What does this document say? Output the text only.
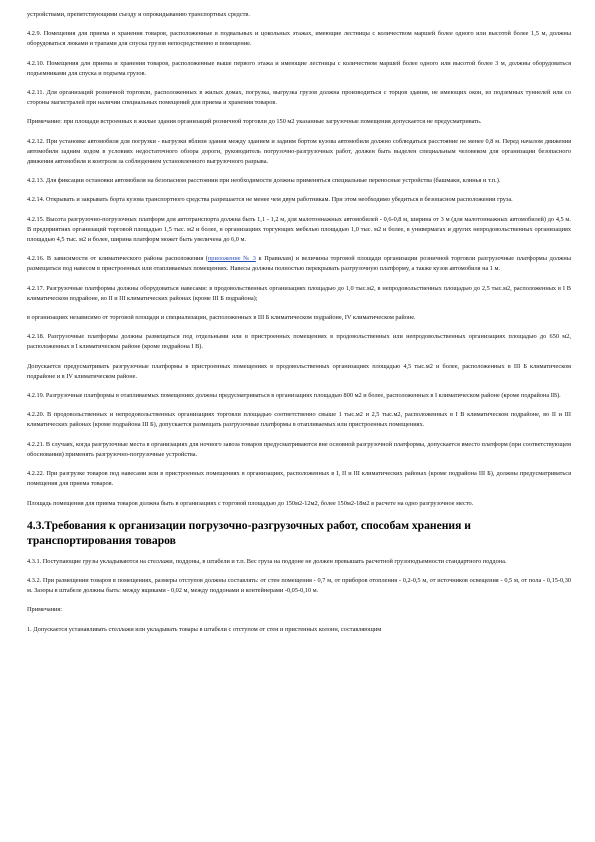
устройствами, препятствующими съезду и опрокидыванию транспортных средств.

4.2.9. Помещения для приема и хранения товаров, расположенные в подвальных и цокольных этажах, имеющие лестницы с количеством маршей более одного или высотой более 1,5 м, должны оборудоваться люками и трапами для спуска грузов непосредственно в помещение.

4.2.10. Помещения для приема и хранения товаров, расположенные выше первого этажа и имеющие лестницы с количеством маршей более одного или высотой более 3 м, должны оборудоваться подъемниками для спуска и подъема грузов.

4.2.11. Для организаций розничной торговли, расположенных в жилых домах, погрузка, выгрузка грузов должна производиться с торцов здания, не имеющих окон, из подземных туннелей или со стороны магистралей при наличии специальных помещений для приема и хранения товаров.

Примечание: при площади встроенных в жилые здания организаций розничной торговли до 150 м2 указанные загрузочные помещения допускается не предусматривать.

4.2.12. При установке автомобиля для погрузки - выгрузки вблизи здания между зданием и задним бортом кузова автомобиля должно соблюдаться расстояние не менее 0,8 м. Перед началом движения автомобиля задним ходом в условиях недостаточного обзора дороги, руководитель погрузочно-разгрузочных работ, должен быть выделен специальным человеком для организации безопасного движения автомобиля и контроля за соблюдением установленного выгрузочного разрыва.

4.2.13. Для фиксации остановки автомобиля на безопасном расстоянии при необходимости должны применяться специальные переносные устройства (башмаки, клинья и т.п.).

4.2.14. Открывать и закрывать борта кузова транспортного средства разрешается не менее чем двум работникам. При этом необходимо убедиться в безопасном расположении груза.

4.2.15. Высота разгрузочно-погрузочных платформ для автотранспорта должна быть 1,1 - 1,2 м, для малотоннажных автомобилей - 0,6-0,8 м, ширина от 3 м (для малотоннажных автомобилей) до 4,5 м. В предприятиях организаций торговой площадью 1,5 тыс. м2 и более, в организациях торгующих мебелью площадью 1,0 тыс. м2 и более, в универмагах и других непродовольственных организациях площадью 4,5 тыс. м2 и более, ширина платформ может быть увеличена до 6,0 м.

4.2.16. В зависимости от климатического района расположения (приложение № 3 к Правилам) и величины торговой площади организации розничной торговли разгрузочные платформы должны размещаться под навесом в пристроенных или отапливаемых помещениях. Навесы должны полностью перекрывать разгрузочную платформу, а также кузов автомобиля на 1 м.

4.2.17. Разгрузочные платформы должны оборудоваться навесами: в продовольственных организациях площадью до 1,0 тыс.м2, в непродовольственных площадью до 2,5 тыс.м2, расположенных в I В климатическом подрайоне, во II и III климатических районах (кроме III Б подрайона);

в организациях независимо от торговой площади и специализации, расположенных в III Б климатическом подрайоне, IV климатическом районе.

4.2.18. Разгрузочные платформы должны размещаться под отдельными или в пристроенных помещениях в продовольственных или непродовольственных организациях площадью до 650 м2, расположенных в I климатическом районе (кроме подрайона I В).

Допускается предусматривать разгрузочные платформы в пристроенных помещениях в продовольственных организациях площадью 4,5 тыс.м2 и более, расположенных в III Б климатическом подрайоне и в IV климатическом районе.

4.2.19. Разгрузочные платформы в отапливаемых помещениях должны предусматриваться в организациях площадью 800 м2 и более, расположенных в I климатическом районе (кроме подрайона IВ).

4.2.20. В продовольственных и непродовольственных организациях торговли площадью соответственно свыше 1 тыс.м2 и 2,5 тыс.м2, расположенных в I В климатическом подрайоне, во II и III климатических районах (кроме подрайона III Б), допускается размещать разгрузочные платформы в отапливаемых или пристроенных помещениях.

4.2.21. В случаях, когда разгрузочные места в организациях для ночного завоза товаров предусматриваются вне основной разгрузочной платформы, допускается вместо платформ (при соответствующем обосновании) применять разгрузочно-погрузочные устройства.

4.2.22. При разгрузке товаров под навесами или в пристроенных помещениях в организациях, расположенных в I, II и III климатических районах (кроме подрайона III Б), должны предусматриваться помещения для приема товаров.

Площадь помещения для приема товаров должна быть в организациях с торговой площадью до 150м2-12м2, более 150м2-18м2 в расчете на одно разгрузочное место.

4.3.Требования к организации погрузочно-разгрузочных работ, способам хранения и транспортирования товаров

4.3.1. Поступающие грузы укладываются на стеллажи, поддоны, в штабели и т.п. Вес груза на поддоне не должен превышать расчетной грузоподъемности стандартного поддона.

4.3.2. При размещении товаров в помещениях, размеры отступов должны составлять: от стен помещения - 0,7 м, от приборов отопления - 0,2-0,5 м, от источников освещения - 0,5 м, от пола - 0,15-0,30 м. Зазоры в штабеле должны быть: между ящиками - 0,02 м, между поддонами и контейнерами -0,05-0,10 м.

Примечания:

1. Допускается устанавливать стеллажи или укладывать товары в штабели с отступом от стен и пристенных колонн, составляющим
